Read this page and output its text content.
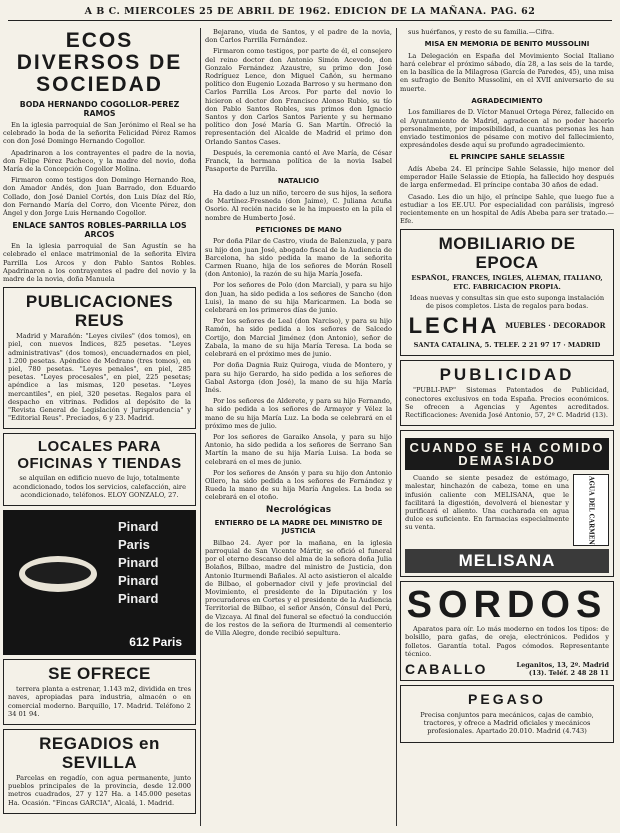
A B C. MIERCOLES 25 DE ABRIL DE 1962. EDICION DE LA MAÑANA. PAG. 62
ECOS DIVERSOS DE SOCIEDAD
BODA HERNANDO COGOLLOR-PEREZ RAMOS

En la iglesia parroquial de San Jerónimo el Real se ha celebrado la boda de la señorita Felicidad Pérez Ramos con don José Domingo Hernando Cogollor.

Apadrinaron a los contrayentes el padre de la novia, don Felipe Pérez Pacheco, y la madre del novio, doña María de la Concepción Cogollor Molina.

Firmaron como testigos don Domingo Hernando Roa, don Amador Andés, don Juan Barrado, don Eduardo Collado, don José Daniel Cortés, don Luis Díaz del Río, don Fernando María del Corro, don Vicente Pérez, don Ángel y don Jorge Luis Hernando Cogollor.

ENLACE SANTOS ROBLES-PARRILLA LOS ARCOS

En la iglesia parroquial de San Agustín se ha celebrado el enlace matrimonial de la señorita Elvira Parrilla Los Arcos y don Pablo Santos Robles. Apadrinaron a los contrayentes el padre del novio y la madre de la novia, doña Manuela

PUBLICACIONES REUS

Madrid y Marañón: "Leyes civiles" (dos tomos), en piel, con nuevos Índices, 825 pesetas. "Leyes administrativas" (dos tomos), encuadernados en piel, 1.200 pesetas. Apéndice de Medrano (tres tomos), en piel, 780 pesetas. "Leyes penales", en piel, 285 pesetas. "Leyes procesales", en piel, 225 pesetas; apéndice a las mismas, 120 pesetas. "Leyes mercantiles", en piel, 320 pesetas. Regalos para el despacho en vitrinas. Pedidos al depósito de la "Revista General de Legislación y Jurisprudencia" y "Editorial Reus". Preciados, 6 y 23. Madrid.

LOCALES PARA OFICINAS Y TIENDAS

se alquilan en edificio nuevo de lujo, totalmente acondicionado, todos los servicios, calefacción, aire acondicionado, teléfonos. ELOY GONZALO, 27.

Pinard
Paris
Pinard
Pinard
Pinard
612 Paris
SE OFRECE

terrera planta a estrenar, 1.143 m2, dividida en tres naves, apropiadas para industria, almacén o en comercial moderno. Barquillo, 17. Madrid. Teléfono 2 34 01 94.

REGADIOS en SEVILLA

Parcelas en regadío, con agua permanente, junto pueblos principales de la provincia, desde 12.000 metros cuadrados, 27 y 127 Ha. a 145.000 pesetas Ha. Ocasión. "Fincas GARCIA", Alcalá, 1. Madrid.

Bejarano, viuda de Santos, y el padre de la novia, don Carlos Parrilla Fernández.

Firmaron como testigos, por parte de él, el consejero del reino doctor don Antonio Simón Acevedo, don Gonzalo Fernández Azaustre, su primo don José Rodríguez Lence, don Miguel Cañón, su hermano político don Eugenio Lozada Barroso y su hermano don Carlos Parrilla Los Arcos. Por parte del novio lo hicieron el doctor don Francisco Alonso Rubio, su tío don Pablo Santos Robles, sus primos don Ignacio Santos y don Carlos Santos Pariente y su hermano político don José María G. San Martín. Ofreció la representación del Alcalde de Madrid el primo don Orlando Santos Cases.

Después, la ceremonia cantó el Ave María, de César Franck, la hermana política de la novia Isabel Pasaporte de Parrilla.

NATALICIO

Ha dado a luz un niño, tercero de sus hijos, la señora de Martínez-Fresneda (don Jaime), C. Juliana Acuña Osorio. Al recién nacido se le ha impuesto en la pila el nombre de Humberto José.

PETICIONES DE MANO

Por doña Pilar de Castro, viuda de Balenzuela, y para su hijo don juan José, abogado fiscal de la Audiencia de Barcelona, ha sido pedida la mano de la señorita Carmen Ruano, hija de los señores de Morán Rosell (don Antonio), la razón de su hija María Josefa.

Por los señores de Polo (don Marcial), y para su hijo don Juan, ha sido pedida a los señores de Sancho (don Luis), la mano de su hija Maricarmen. La boda se celebrará en los primeros días de junio.

Por los señores de Leal (don Narciso), y para su hijo Ramón, ha sido pedida a los señores de Salcedo Cortijo, don Marcial Jiménez (don Antonio), señor de Zabala, la mano de su hija María Teresa. La boda se celebrará en el próximo mes de junio.

Por doña Dagnia Ruiz Quiroga, viuda de Montero, y para su hijo Gerardo, ha sido pedida a los señores de Gabal Astorga (don José), la mano de su hija María Inés.

Por los señores de Alderete, y para su hijo Fernando, ha sido pedida a los señores de Armayor y Vélez la mano de su hija María Luz. La boda se celebrará en el próximo mes de julio.

Por los señores de Garaiko Ansola, y para su hijo Antonio, ha sido pedida a los señores de Serrano San Martín la mano de su hija María Luisa. La boda se celebrará en el mes de junio.

Por los señores de Ansón y para su hijo don Antonio Ollero, ha sido pedida a los señores de Fernández y Rueda la mano de su hija María Ángeles. La boda se celebrará en el otoño.

Necrológicas
ENTIERRO DE LA MADRE DEL MINISTRO DE JUSTICIA

Bilbao 24. Ayer por la mañana, en la iglesia parroquial de San Vicente Mártir, se ofició el funeral por el eterno descanso del alma de la señora doña Julia Bolaños, Bilbao, madre del ministro de Justicia, don Antonio Iturmendi Bañales. Al acto asistieron el alcalde de Bilbao, el gobernador civil y jefe provincial del Movimiento, el presidente de la Diputación y los procuradores en Cortes y el presidente de la Audiencia Territorial de Bilbao, el señor Ansón, Cónsul del Perú, de Vizcaya. Al final del funeral se efectuó la conducción de los restos de la señora de Iturmendi al cementerio de Villa Alegre, donde recibió sepultura.

sus huérfanos, y resto de su familia.—Cifra.

MISA EN MEMORIA DE BENITO MUSSOLINI

La Delegación en España del Movimiento Social Italiano hará celebrar el próximo sábado, día 28, a las seis de la tarde, en la basílica de la Milagrosa (García de Paredes, 45), una misa en sufragio de Benito Mussolini, en el XVII aniversario de su muerte.

AGRADECIMIENTO

Los familiares de D. Víctor Manuel Ortega Pérez, fallecido en el Ayuntamiento de Madrid, agradecen al no poder hacerlo personalmente, por imposibilidad, a cuantas personas les han enviado testimonios de pésame con motivo del fallecimiento, expresándoles desde aquí su profundo agradecimiento.

EL PRINCIPE SAHLE SELASSIE

Adís Abeba 24. El príncipe Sahle Selassie, hijo menor del emperador Haile Selassie de Etiopía, ha fallecido hoy después de larga enfermedad. El príncipe contaba 30 años de edad.

Casado. Les dio un hijo, el príncipe Sahle, que luego fue a estudiar a los EE.UU. Por especialidad con parálisis, ingresó recientemente en un hospital de Adís Abeba para ser tratado.—Efe.

MOBILIARIO DE EPOCA

ESPAÑOL, FRANCES, INGLES, ALEMAN, ITALIANO, ETC. FABRICACION PROPIA.

Ideas nuevas y consultas sin que esto suponga instalación de pisos completos. Lista de regalos para bodas.

LECHA MUEBLES · DECORADOR

SANTA CATALINA, 5. TELEF. 2 21 97 17 · MADRID

PUBLICIDAD

"PUBLI-PAP" Sistemas Patentados de Publicidad, conectores exclusivos en toda España. Precios económicos. Se ofrecen a Agencias y Agentes acreditados. Rectificaciones: Avenida José Antonio, 57, 2º C. Madrid (13).

CUANDO SE HA COMIDO DEMASIADO

Cuando se siente pesadez de estómago, malestar, hinchazón de cabeza, tome en una infusión caliente con MELISANA, que le facilitará la digestión, devolverá el bienestar y purificará el aliento. Una cucharada en agua dulce es suficiente. En farmacias especialmente su venta.	AGUA DEL CARMEN
MELISANA
SORDOS

Aparatos para oír. Lo más moderno en todos los tipos: de bolsillo, para gafas, de oreja, electrónicos. Pedidos y folletos. Garantía total. Pagos cómodos. Representante técnico.

CABALLO	Leganitos, 13, 2º. Madrid (13). Teléf. 2 48 28 11
PEGASO

Precisa conjuntos para mecánicos, cajas de cambio, tractores, y ofrece a Madrid oficiales y mecánicos profesionales. Apartado 20.010. Madrid (4.743)
